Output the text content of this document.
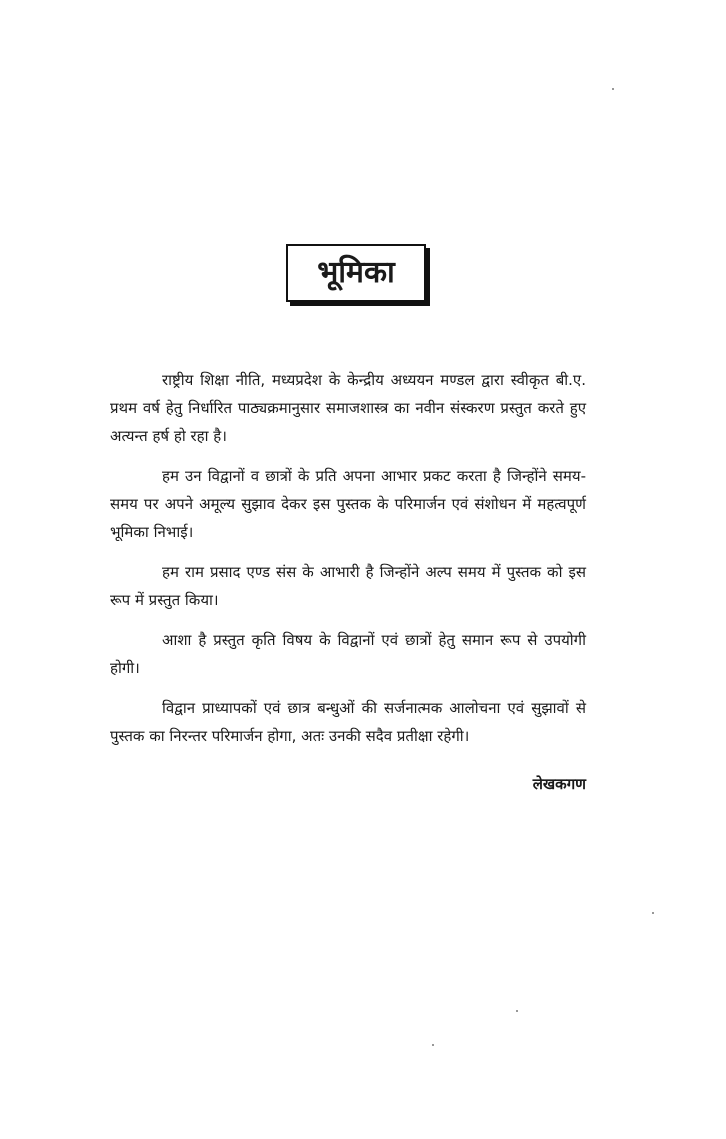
भूमिका

राष्ट्रीय शिक्षा नीति, मध्यप्रदेश के केन्द्रीय अध्ययन मण्डल द्वारा स्वीकृत बी.ए. प्रथम वर्ष हेतु निर्धारित पाठ्यक्रमानुसार समाजशास्त्र का नवीन संस्करण प्रस्तुत करते हुए अत्यन्त हर्ष हो रहा है।

हम उन विद्वानों व छात्रों के प्रति अपना आभार प्रकट करता है जिन्होंने समय-समय पर अपने अमूल्य सुझाव देकर इस पुस्तक के परिमार्जन एवं संशोधन में महत्वपूर्ण भूमिका निभाई।

हम राम प्रसाद एण्ड संस के आभारी है जिन्होंने अल्प समय में पुस्तक को इस रूप में प्रस्तुत किया।

आशा है प्रस्तुत कृति विषय के विद्वानों एवं छात्रों हेतु समान रूप से उपयोगी होगी।

विद्वान प्राध्यापकों एवं छात्र बन्धुओं की सर्जनात्मक आलोचना एवं सुझावों से पुस्तक का निरन्तर परिमार्जन होगा, अतः उनकी सदैव प्रतीक्षा रहेगी।

लेखकगण
